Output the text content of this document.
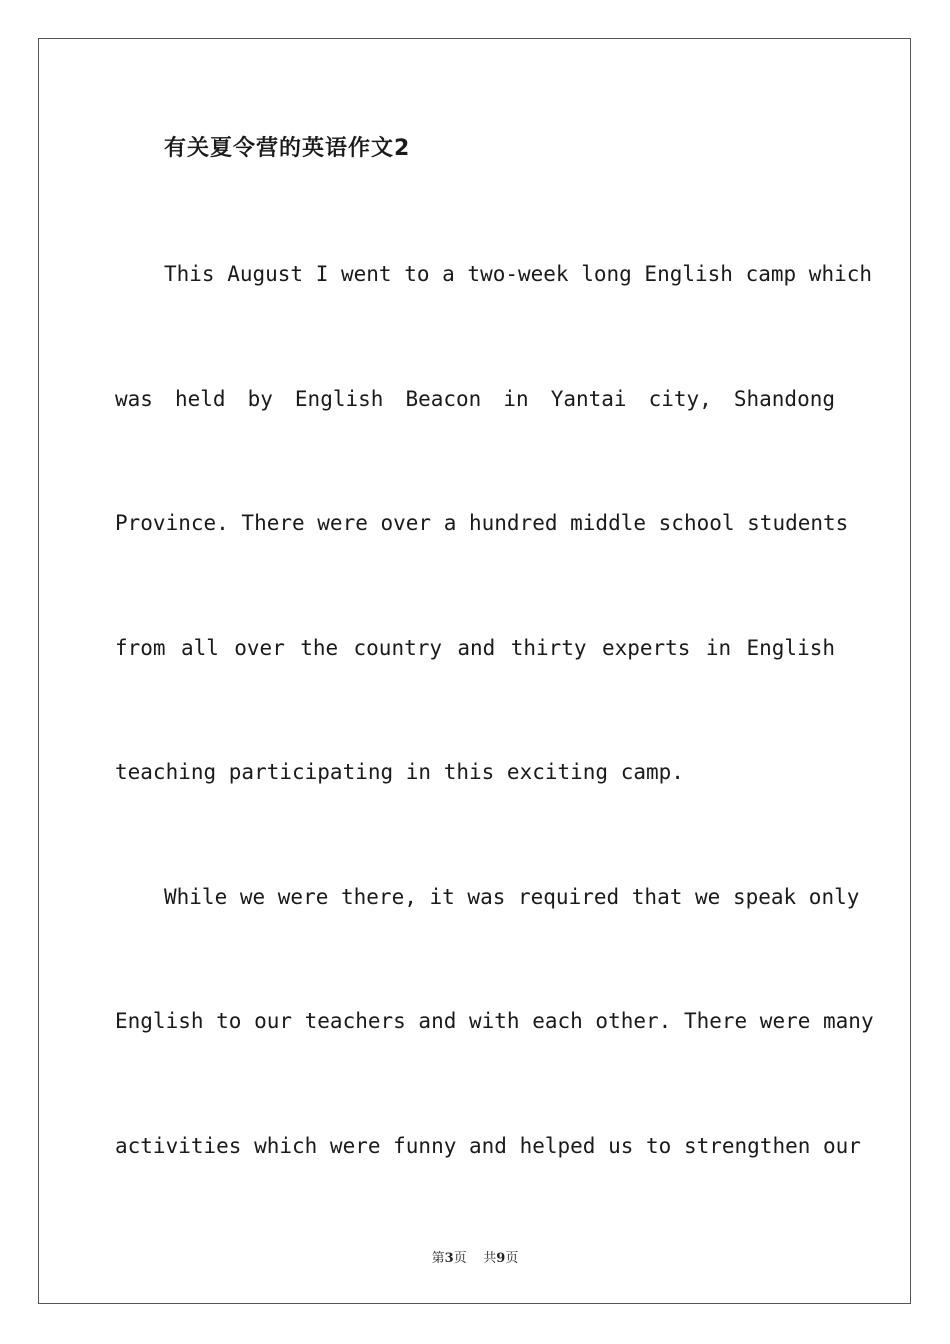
有关夏令营的英语作文2

This August I went to a two-week long English camp which

was held by English Beacon in Yantai city, Shandong

Province. There were over a hundred middle school students

from all over the country and thirty experts in English

teaching participating in this exciting camp.

While we were there, it was required that we speak only

English to our teachers and with each other. There were many

activities which were funny and helped us to strengthen our

第3页 共9页
